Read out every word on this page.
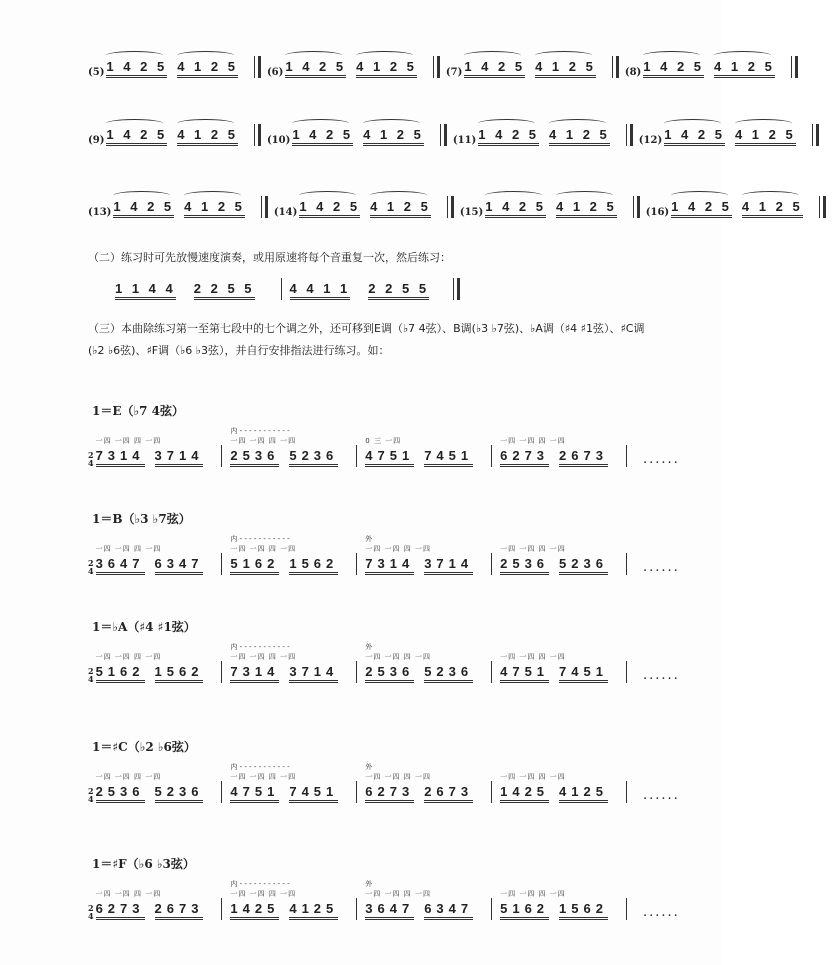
(5) 1 4 2 5 4 1 2 5	(6) 1 4 2 5 4 1 2 5	(7) 1 4 2 5 4 1 2 5	(8) 1 4 2 5 4 1 2 5
(9) 1 4 2 5 4 1 2 5	(10) 1 4 2 5 4 1 2 5	(11) 1 4 2 5 4 1 2 5	(12) 1 4 2 5 4 1 2 5
(13) 1 4 2 5 4 1 2 5	(14) 1 4 2 5 4 1 2 5	(15) 1 4 2 5 4 1 2 5	(16) 1 4 2 5 4 1 2 5
（二）练习时可先放慢速度演奏，或用原速将每个音重复一次，然后练习：
1 1 4 4 2 2 5 5	4 4 1 1 2 2 5 5
（三）本曲除练习第一至第七段中的七个调之外，还可移到E调（♭7 4弦）、B调(♭3 ♭7弦)、♭A调（♯4 ♯1弦）、♯C调(♭2 ♭6弦)、♯F调（♭6 ♭3弦），并自行安排指法进行练习。如：
1＝E（♭7 4弦）
2
4
一四 一四 四 一四
7314 3714
内 - - - - - - - - - - -
一四 一四 四 一四
2536 5236
0 三 一四
4751 7451
一四 一四 四 一四
6273 2673	......
1＝B（♭3 ♭7弦）
2
4
一四 一四 四 一四
3647 6347
内 - - - - - - - - - - -
一四 一四 四 一四
5162 1562
外
一四 一四 四 一四
7314 3714
一四 一四 四 一四
2536 5236	......
1＝♭A（♯4 ♯1弦）
2
4
一四 一四 四 一四
5162 1562
内 - - - - - - - - - - -
一四 一四 四 一四
7314 3714
外
一四 一四 四 一四
2536 5236
一四 一四 四 一四
4751 7451	......
1＝♯C（♭2 ♭6弦）
2
4
一四 一四 四 一四
2536 5236
内 - - - - - - - - - - -
一四 一四 四 一四
4751 7451
外
一四 一四 四 一四
6273 2673
一四 一四 四 一四
1425 4125	......
1＝♯F（♭6 ♭3弦）
2
4
一四 一四 四 一四
6273 2673
内 - - - - - - - - - - -
一四 一四 四 一四
1425 4125
外
一四 一四 四 一四
3647 6347
一四 一四 四 一四
5162 1562	......
